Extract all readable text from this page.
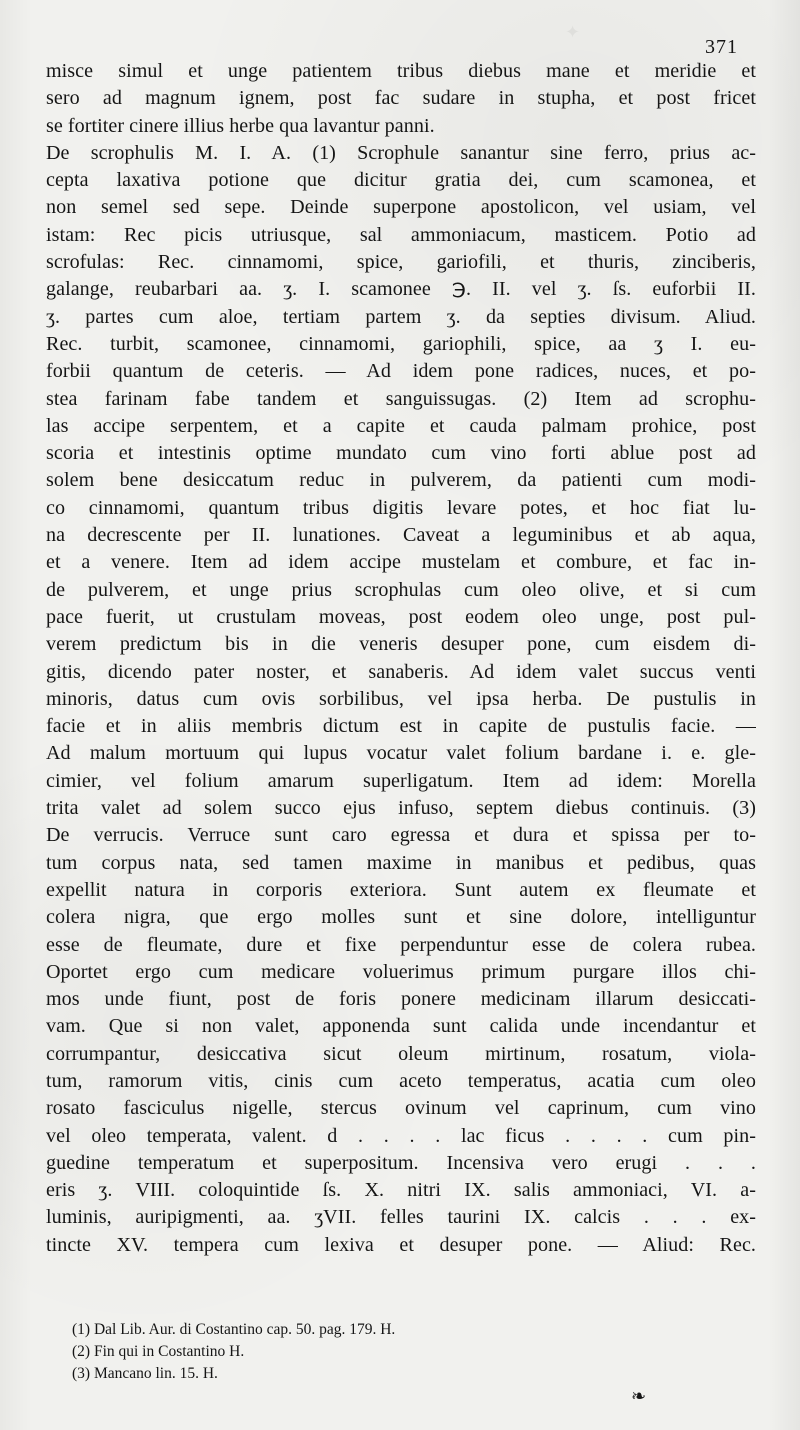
✦
371
misce simul et unge patientem tribus diebus mane et meridie et
sero ad magnum ignem, post fac sudare in stupha, et post fricet
se fortiter cinere illius herbe qua lavantur panni.
De scrophulis M. I. A. (1) Scrophule sanantur sine ferro, prius ac-
cepta laxativa potione que dicitur gratia dei, cum scamonea, et
non semel sed sepe. Deinde superpone apostolicon, vel usiam, vel
istam: Rec picis utriusque, sal ammoniacum, masticem. Potio ad
scrofulas: Rec. cinnamomi, spice, gariofili, et thuris, zinciberis,
galange, reubarbari aa. ʒ. I. scamonee ℈. II. vel ʒ. ſs. euforbii II.
ʒ. partes cum aloe, tertiam partem ʒ. da septies divisum. Aliud.
Rec. turbit, scamonee, cinnamomi, gariophili, spice, aa ʒ I. eu-
forbii quantum de ceteris. — Ad idem pone radices, nuces, et po-
stea farinam fabe tandem et sanguissugas. (2) Item ad scrophu-
las accipe serpentem, et a capite et cauda palmam prohice, post
scoria et intestinis optime mundato cum vino forti ablue post ad
solem bene desiccatum reduc in pulverem, da patienti cum modi-
co cinnamomi, quantum tribus digitis levare potes, et hoc fiat lu-
na decrescente per II. lunationes. Caveat a leguminibus et ab aqua,
et a venere. Item ad idem accipe mustelam et combure, et fac in-
de pulverem, et unge prius scrophulas cum oleo olive, et si cum
pace fuerit, ut crustulam moveas, post eodem oleo unge, post pul-
verem predictum bis in die veneris desuper pone, cum eisdem di-
gitis, dicendo pater noster, et sanaberis. Ad idem valet succus venti
minoris, datus cum ovis sorbilibus, vel ipsa herba. De pustulis in
facie et in aliis membris dictum est in capite de pustulis facie. —
Ad malum mortuum qui lupus vocatur valet folium bardane i. e. gle-
cimier, vel folium amarum superligatum. Item ad idem: Morella
trita valet ad solem succo ejus infuso, septem diebus continuis. (3)
De verrucis. Verruce sunt caro egressa et dura et spissa per to-
tum corpus nata, sed tamen maxime in manibus et pedibus, quas
expellit natura in corporis exteriora. Sunt autem ex fleumate et
colera nigra, que ergo molles sunt et sine dolore, intelliguntur
esse de fleumate, dure et fixe perpenduntur esse de colera rubea.
Oportet ergo cum medicare voluerimus primum purgare illos chi-
mos unde fiunt, post de foris ponere medicinam illarum desiccati-
vam. Que si non valet, apponenda sunt calida unde incendantur et
corrumpantur, desiccativa sicut oleum mirtinum, rosatum, viola-
tum, ramorum vitis, cinis cum aceto temperatus, acatia cum oleo
rosato fasciculus nigelle, stercus ovinum vel caprinum, cum vino
vel oleo temperata, valent. d . . . . lac ficus . . . . cum pin-
guedine temperatum et superpositum. Incensiva vero erugi . . .
eris ʒ. VIII. coloquintide ſs. X. nitri IX. salis ammoniaci, VI. a-
luminis, auripigmenti, aa. ʒVII. felles taurini IX. calcis . . . ex-
tincte XV. tempera cum lexiva et desuper pone. — Aliud: Rec.
(1) Dal Lib. Aur. di Costantino cap. 50. pag. 179. H.
(2) Fin qui in Costantino H.
(3) Mancano lin. 15. H.
❧
